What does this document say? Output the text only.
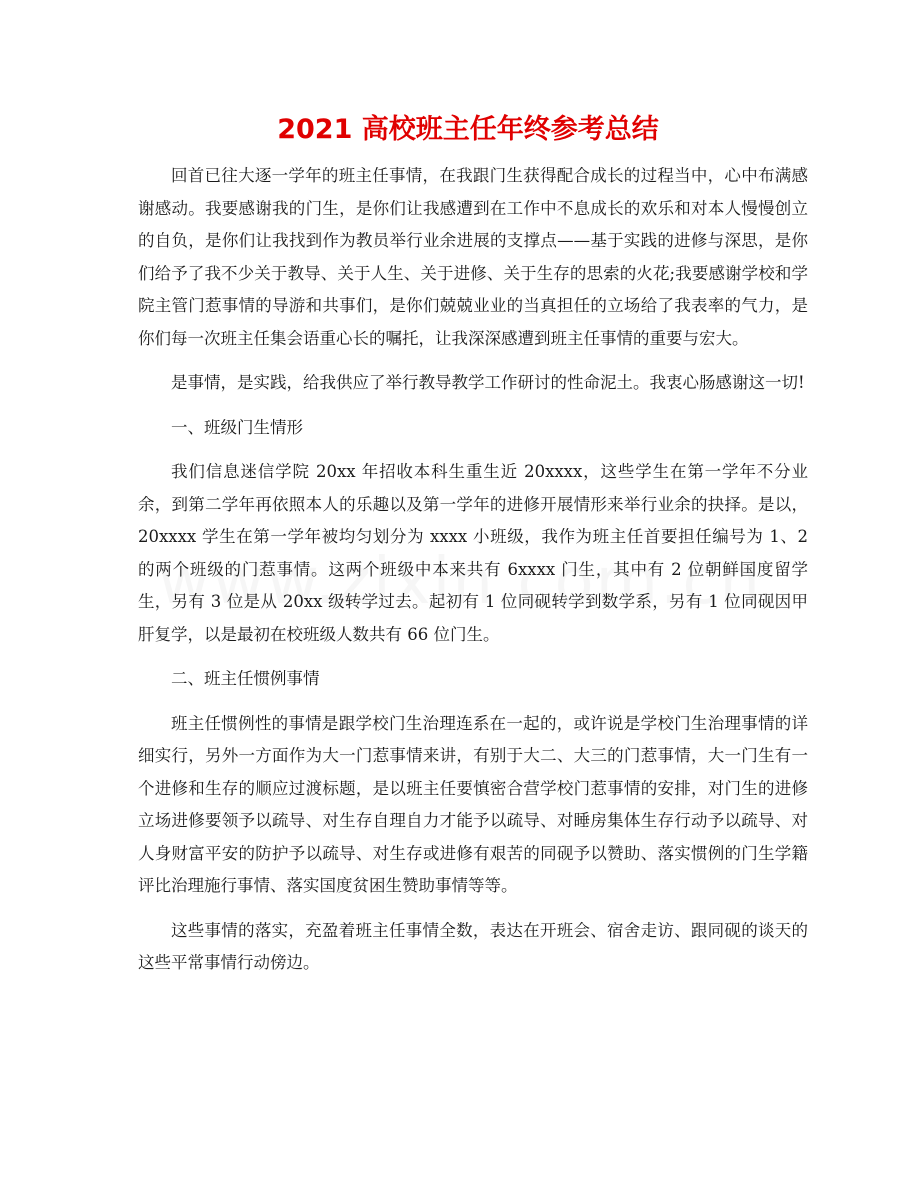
2021 高校班主任年终参考总结

回首已往大逐一学年的班主任事情，在我跟门生获得配合成长的过程当中，心中布满感谢感动。我要感谢我的门生，是你们让我感遭到在工作中不息成长的欢乐和对本人慢慢创立的自负，是你们让我找到作为教员举行业余进展的支撑点——基于实践的进修与深思，是你们给予了我不少关于教导、关于人生、关于进修、关于生存的思索的火花;我要感谢学校和学院主管门惹事情的导游和共事们，是你们兢兢业业的当真担任的立场给了我表率的气力，是你们每一次班主任集会语重心长的嘱托，让我深深感遭到班主任事情的重要与宏大。

是事情，是实践，给我供应了举行教导教学工作研讨的性命泥土。我衷心肠感谢这一切!

一、班级门生情形

我们信息迷信学院 20xx 年招收本科生重生近 20xxxx，这些学生在第一学年不分业余，到第二学年再依照本人的乐趣以及第一学年的进修开展情形来举行业余的抉择。是以，20xxxx 学生在第一学年被均匀划分为 xxxx 小班级，我作为班主任首要担任编号为 1、2 的两个班级的门惹事情。这两个班级中本来共有 6xxxx 门生，其中有 2 位朝鲜国度留学生，另有 3 位是从 20xx 级转学过去。起初有 1 位同砚转学到数学系，另有 1 位同砚因甲肝复学，以是最初在校班级人数共有 66 位门生。

二、班主任惯例事情

班主任惯例性的事情是跟学校门生治理连系在一起的，或许说是学校门生治理事情的详细实行，另外一方面作为大一门惹事情来讲，有别于大二、大三的门惹事情，大一门生有一个进修和生存的顺应过渡标题，是以班主任要慎密合营学校门惹事情的安排，对门生的进修立场进修要领予以疏导、对生存自理自力才能予以疏导、对睡房集体生存行动予以疏导、对人身财富平安的防护予以疏导、对生存或进修有艰苦的同砚予以赞助、落实惯例的门生学籍评比治理施行事情、落实国度贫困生赞助事情等等。

这些事情的落实，充盈着班主任事情全数，表达在开班会、宿舍走访、跟同砚的谈天的这些平常事情行动傍边。
